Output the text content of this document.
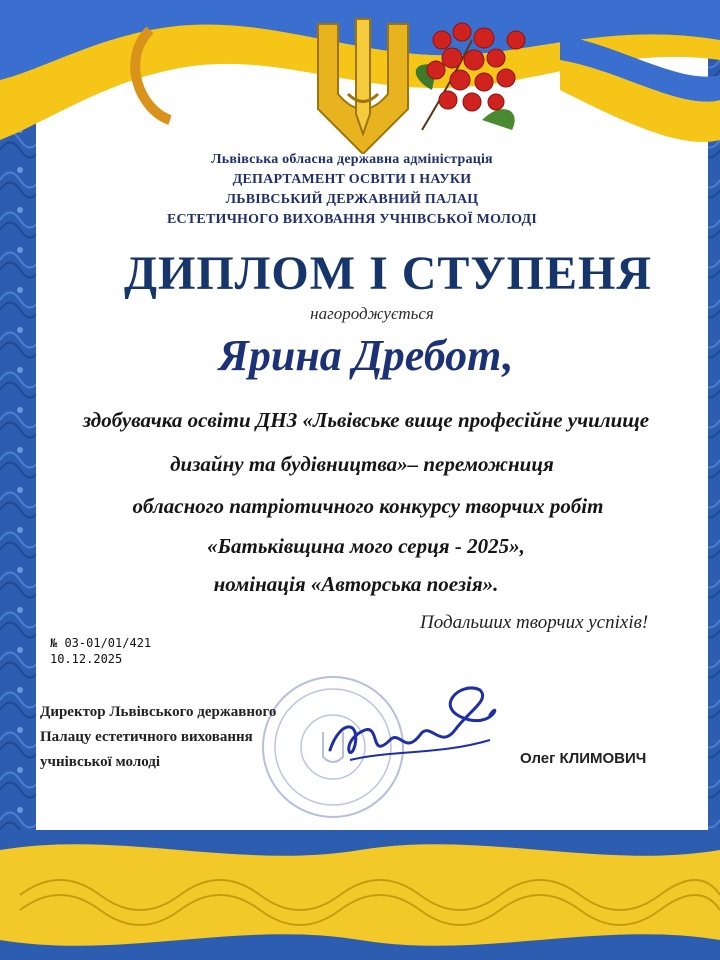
Львівська обласна державна адміністрація
ДЕПАРТАМЕНТ ОСВІТИ І НАУКИ
ЛЬВІВСЬКИЙ ДЕРЖАВНИЙ ПАЛАЦ
ЕСТЕТИЧНОГО ВИХОВАННЯ УЧНІВСЬКОЇ МОЛОДІ
ДИПЛОМ І СТУПЕНЯ
нагороджується
Ярина Дребот,
здобувачка освіти ДНЗ «Львівське вище професійне училище
дизайну та будівництва»– переможниця
обласного патріотичного конкурсу творчих робіт
«Батьківщина мого серця - 2025»,
номінація «Авторська поезія».
Подальших творчих успіхів!
№ 03-01/01/421
10.12.2025
Директор Львівського державного
Палацу естетичного виховання
учнівської молоді	Олег КЛИМОВИЧ
